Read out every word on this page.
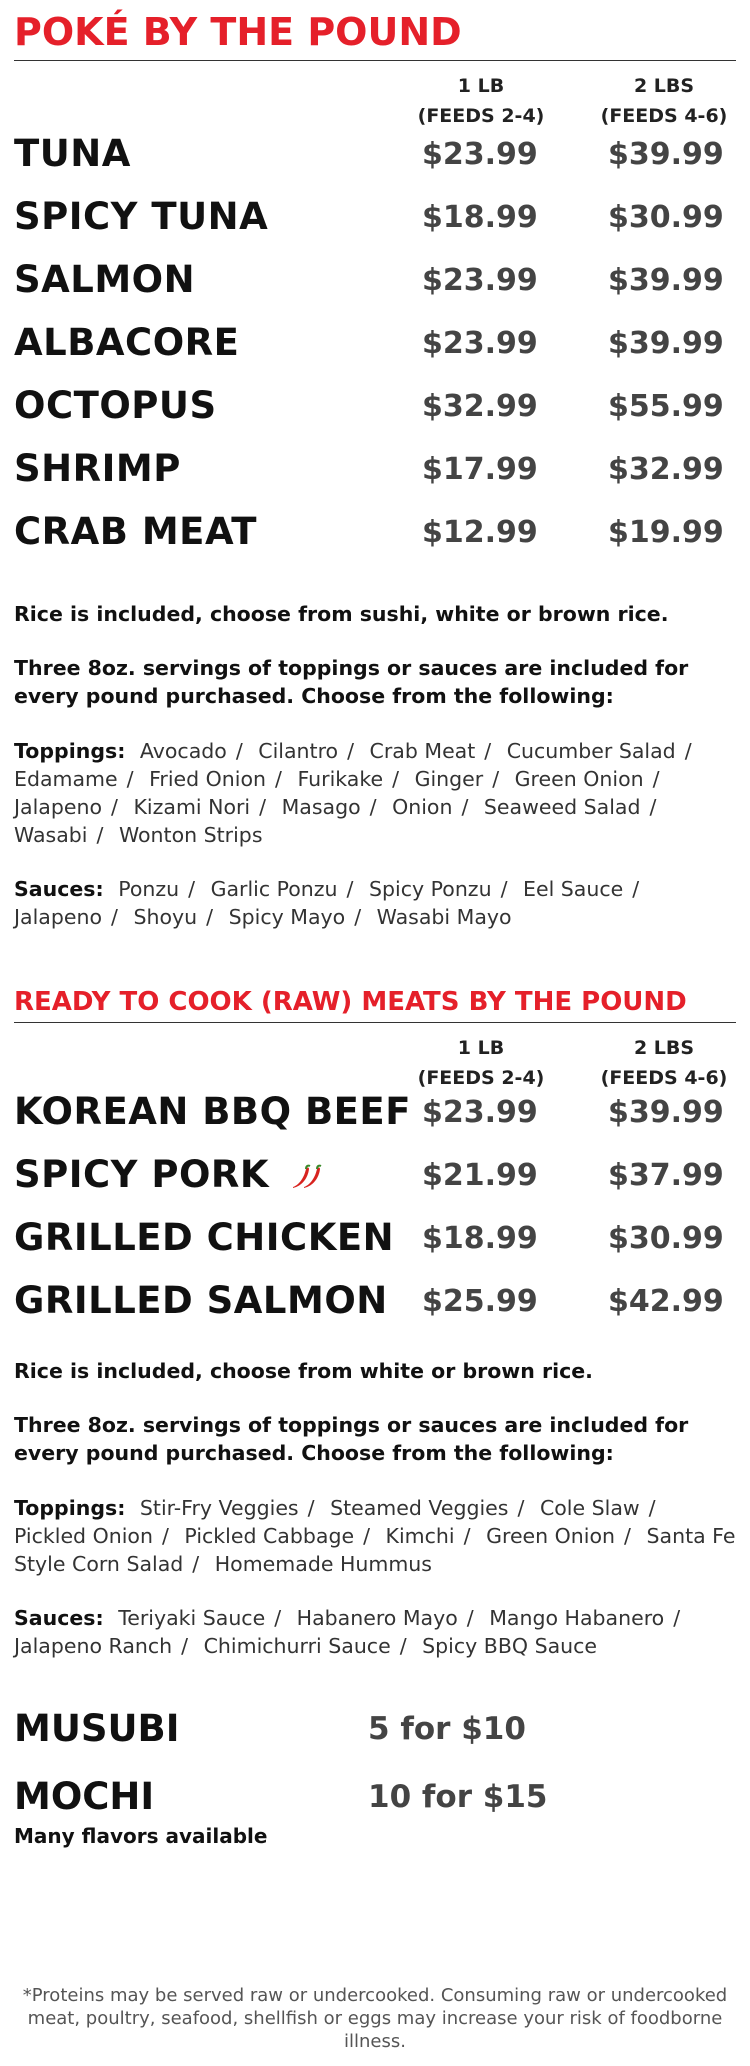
POKÉ BY THE POUND
1 LB
(FEEDS 2-4)
2 LBS
(FEEDS 4-6)
TUNA	$23.99 $39.99
SPICY TUNA	$18.99 $30.99
SALMON	$23.99 $39.99
ALBACORE	$23.99 $39.99
OCTOPUS	$32.99 $55.99
SHRIMP	$17.99 $32.99
CRAB MEAT	$12.99 $19.99

Rice is included, choose from sushi, white or brown rice.

Three 8oz. servings of toppings or sauces are included for every pound purchased. Choose from the following:

Toppings: Avocado / Cilantro / Crab Meat / Cucumber Salad / Edamame / Fried Onion / Furikake / Ginger / Green Onion / Jalapeno / Kizami Nori / Masago / Onion / Seaweed Salad / Wasabi / Wonton Strips

Sauces: Ponzu / Garlic Ponzu / Spicy Ponzu / Eel Sauce / Jalapeno / Shoyu / Spicy Mayo / Wasabi Mayo

READY TO COOK (RAW) MEATS BY THE POUND
1 LB
(FEEDS 2-4)
2 LBS
(FEEDS 4-6)
KOREAN BBQ BEEF $23.99 $39.99
SPICY PORK	$21.99 $37.99
GRILLED CHICKEN $18.99 $30.99
GRILLED SALMON $25.99 $42.99

Rice is included, choose from white or brown rice.

Three 8oz. servings of toppings or sauces are included for every pound purchased. Choose from the following:

Toppings: Stir-Fry Veggies / Steamed Veggies / Cole Slaw / Pickled Onion / Pickled Cabbage / Kimchi / Green Onion / Santa Fe Style Corn Salad / Homemade Hummus

Sauces: Teriyaki Sauce / Habanero Mayo / Mango Habanero / Jalapeno Ranch / Chimichurri Sauce / Spicy BBQ Sauce

MUSUBI	5 for $10
MOCHI	10 for $15

Many flavors available

*Proteins may be served raw or undercooked. Consuming raw or undercooked meat, poultry, seafood, shellfish or eggs may increase your risk of foodborne illness.
